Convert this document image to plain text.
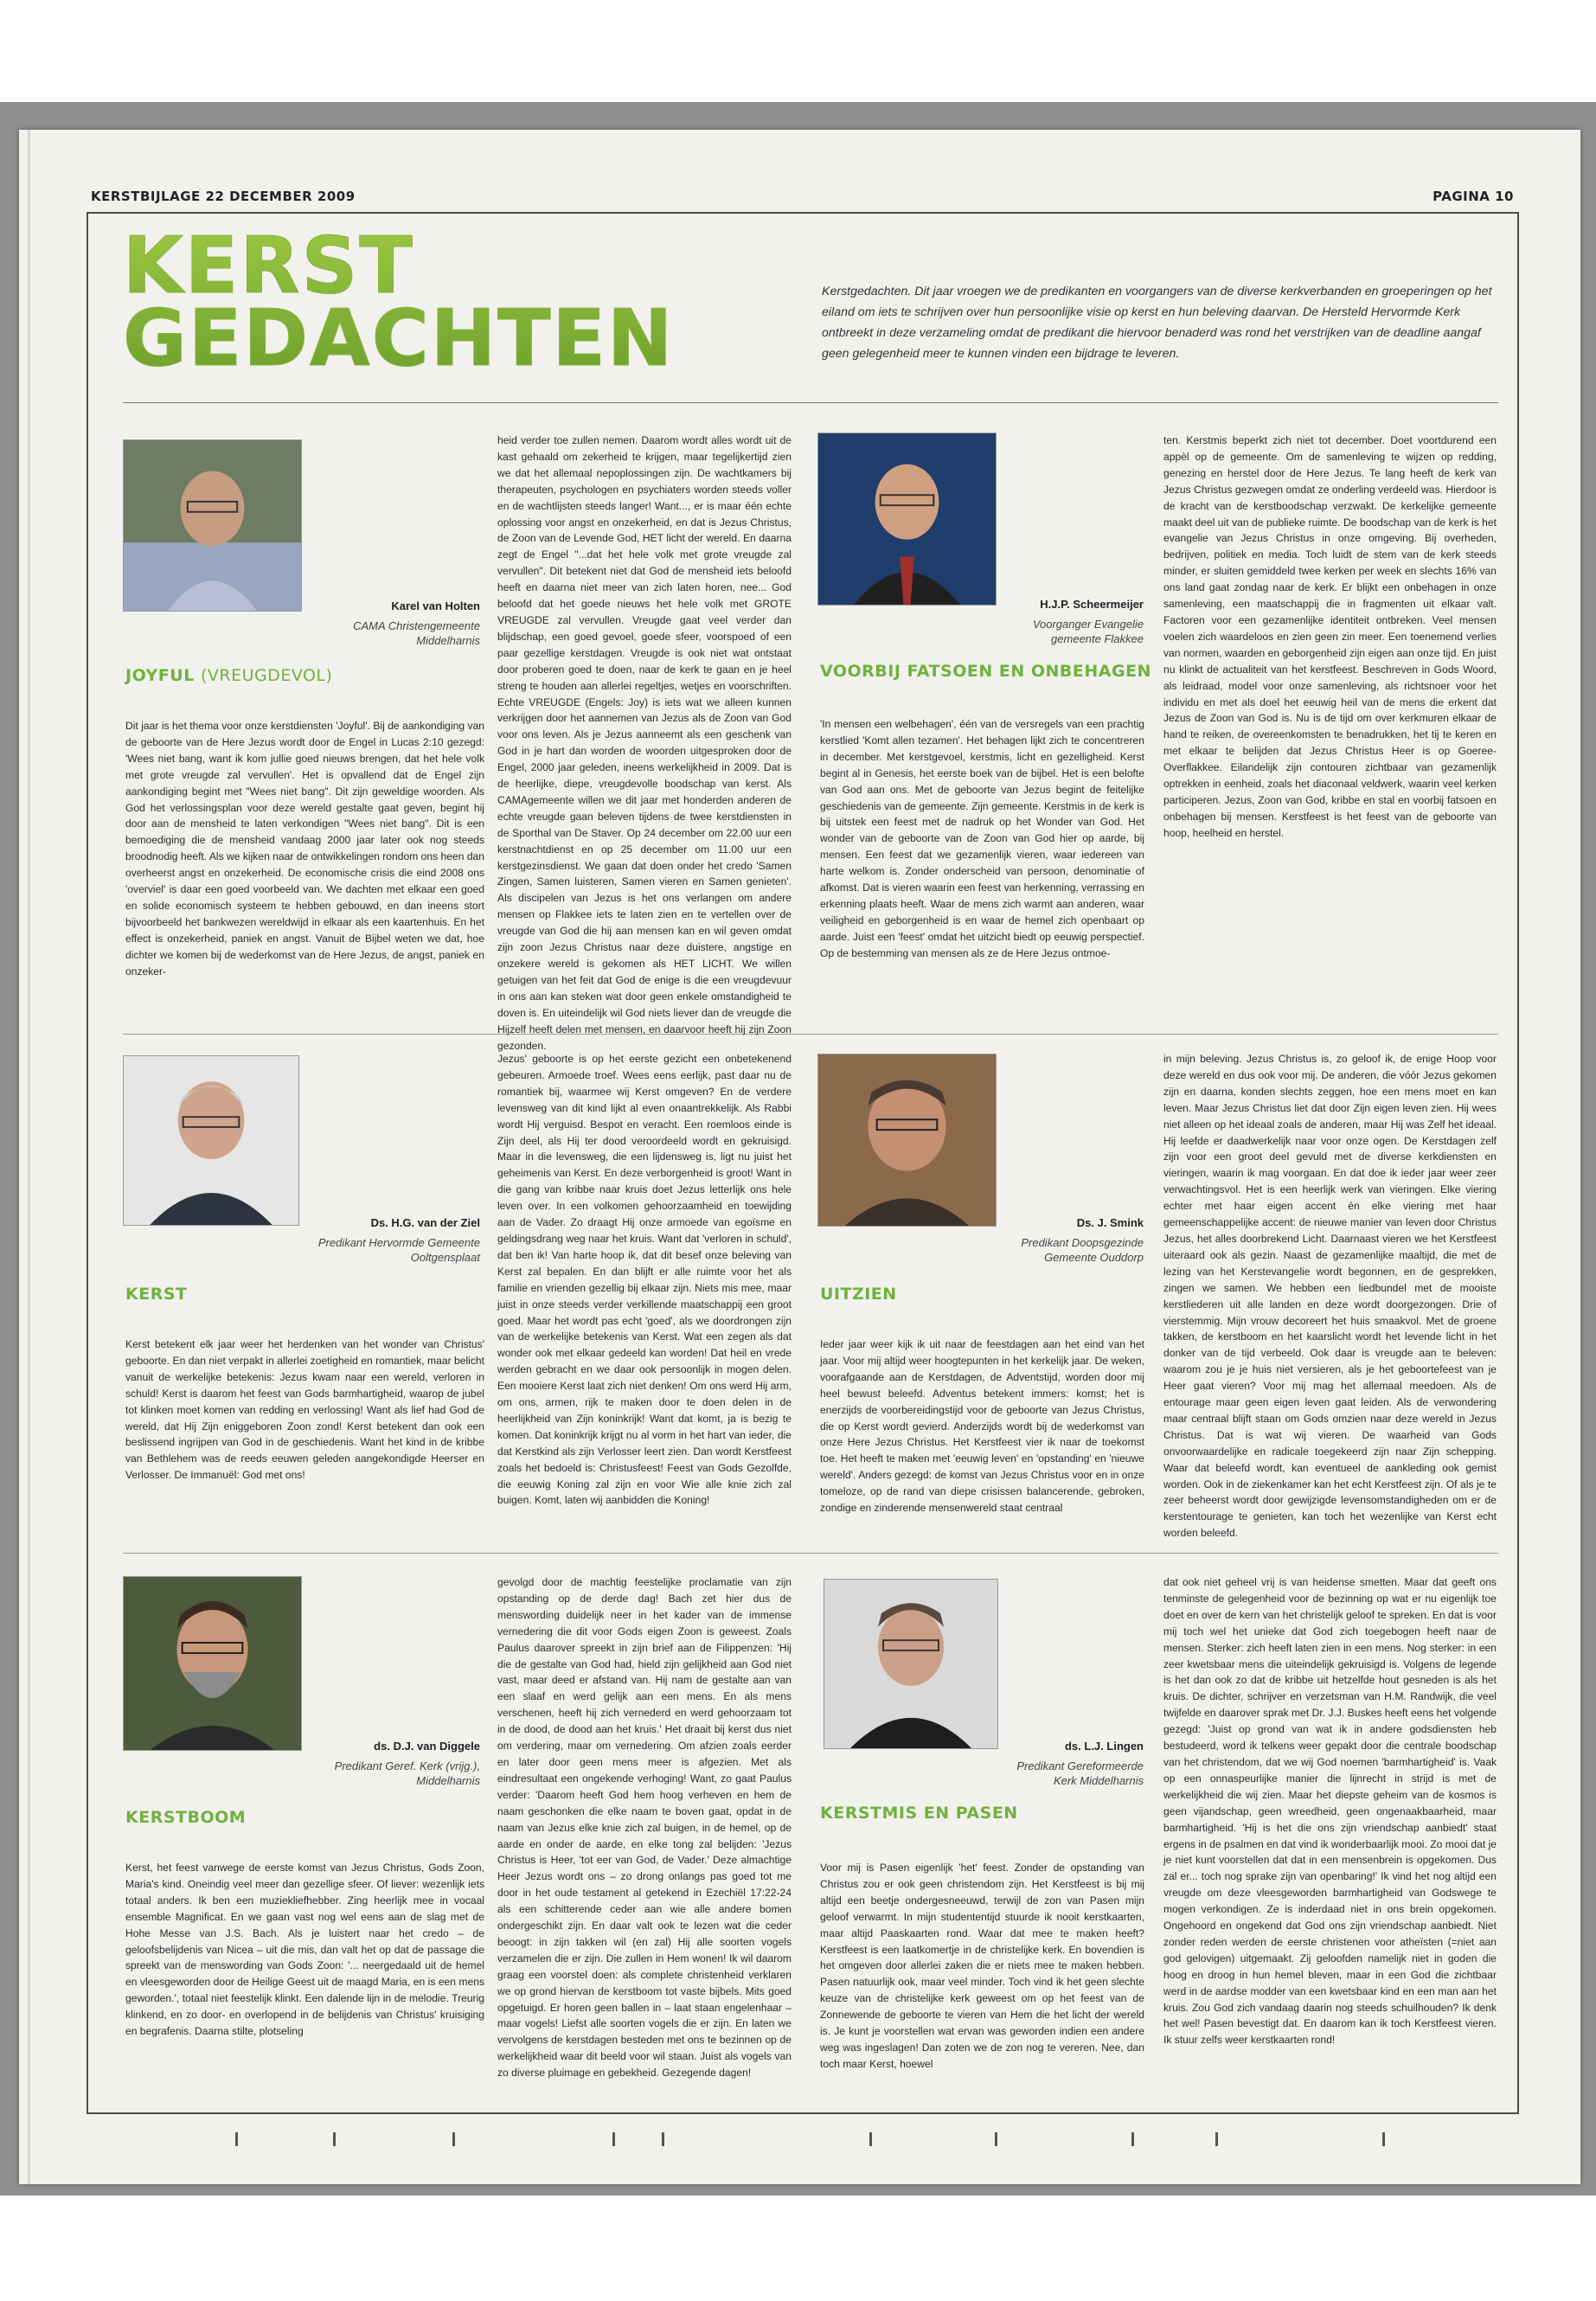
KERSTBIJLAGE 22 DECEMBER 2009	PAGINA 10
KERST
GEDACHTEN
Kerstgedachten. Dit jaar vroegen we de predikanten en voorgangers van de diverse kerkverbanden en groeperingen op het eiland om iets te schrijven over hun persoonlijke visie op kerst en hun beleving daarvan. De Hersteld Hervormde Kerk ontbreekt in deze verzameling omdat de predikant die hiervoor benaderd was rond het verstrijken van de deadline aangaf geen gelegenheid meer te kunnen vinden een bijdrage te leveren.
Karel van Holten
CAMA Christengemeente Middelharnis
JOYFUL (VREUGDEVOL)
Dit jaar is het thema voor onze kerstdiensten 'Joyful'. Bij de aankondiging van de geboorte van de Here Jezus wordt door de Engel in Lucas 2:10 gezegd: 'Wees niet bang, want ik kom jullie goed nieuws brengen, dat het hele volk met grote vreugde zal vervullen'. Het is opvallend dat de Engel zijn aankondiging begint met "Wees niet bang". Dit zijn geweldige woorden. Als God het verlossingsplan voor deze wereld gestalte gaat geven, begint hij door aan de mensheid te laten verkondigen "Wees niet bang". Dit is een bemoediging die de mensheid vandaag 2000 jaar later ook nog steeds broodnodig heeft. Als we kijken naar de ontwikkelingen rondom ons heen dan overheerst angst en onzekerheid. De economische crisis die eind 2008 ons 'overviel' is daar een goed voorbeeld van. We dachten met elkaar een goed en solide economisch systeem te hebben gebouwd, en dan ineens stort bijvoorbeeld het bankwezen wereldwijd in elkaar als een kaartenhuis. En het effect is onzekerheid, paniek en angst. Vanuit de Bijbel weten we dat, hoe dichter we komen bij de wederkomst van de Here Jezus, de angst, paniek en onzeker-
heid verder toe zullen nemen. Daarom wordt alles wordt uit de kast gehaald om zekerheid te krijgen, maar tegelijkertijd zien we dat het allemaal nepoplossingen zijn. De wachtkamers bij therapeuten, psychologen en psychiaters worden steeds voller en de wachtlijsten steeds langer! Want..., er is maar één echte oplossing voor angst en onzekerheid, en dat is Jezus Christus, de Zoon van de Levende God, HET licht der wereld. En daarna zegt de Engel "...dat het hele volk met grote vreugde zal vervullen". Dit betekent niet dat God de mensheid iets beloofd heeft en daarna niet meer van zich laten horen, nee... God beloofd dat het goede nieuws het hele volk met GROTE VREUGDE zal vervullen. Vreugde gaat veel verder dan blijdschap, een goed gevoel, goede sfeer, voorspoed of een paar gezellige kerstdagen. Vreugde is ook niet wat ontstaat door proberen goed te doen, naar de kerk te gaan en je heel streng te houden aan allerlei regeltjes, wetjes en voorschriften. Echte VREUGDE (Engels: Joy) is iets wat we alleen kunnen verkrijgen door het aannemen van Jezus als de Zoon van God voor ons leven. Als je Jezus aanneemt als een geschenk van God in je hart dan worden de woorden uitgesproken door de Engel, 2000 jaar geleden, ineens werkelijkheid in 2009. Dat is de heerlijke, diepe, vreugdevolle boodschap van kerst. Als CAMAgemeente willen we dit jaar met honderden anderen de echte vreugde gaan beleven tijdens de twee kerstdiensten in de Sporthal van De Staver. Op 24 december om 22.00 uur een kerstnachtdienst en op 25 december om 11.00 uur een kerstgezinsdienst. We gaan dat doen onder het credo 'Samen Zingen, Samen luisteren, Samen vieren en Samen genieten'. Als discipelen van Jezus is het ons verlangen om andere mensen op Flakkee iets te laten zien en te vertellen over de vreugde van God die hij aan mensen kan en wil geven omdat zijn zoon Jezus Christus naar deze duistere, angstige en onzekere wereld is gekomen als HET LICHT. We willen getuigen van het feit dat God de enige is die een vreugdevuur in ons aan kan steken wat door geen enkele omstandigheid te doven is. En uiteindelijk wil God niets liever dan de vreugde die Hijzelf heeft delen met mensen, en daarvoor heeft hij zijn Zoon gezonden.
H.J.P. Scheermeijer
Voorganger Evangelie gemeente Flakkee
VOORBIJ FATSOEN EN ONBEHAGEN
'In mensen een welbehagen', één van de versregels van een prachtig kerstlied 'Komt allen tezamen'. Het behagen lijkt zich te concentreren in december. Met kerstgevoel, kerstmis, licht en gezelligheid. Kerst begint al in Genesis, het eerste boek van de bijbel. Het is een belofte van God aan ons. Met de geboorte van Jezus begint de feitelijke geschiedenis van de gemeente. Zijn gemeente. Kerstmis in de kerk is bij uitstek een feest met de nadruk op het Wonder van God. Het wonder van de geboorte van de Zoon van God hier op aarde, bij mensen. Een feest dat we gezamenlijk vieren, waar iedereen van harte welkom is. Zonder onderscheid van persoon, denominatie of afkomst. Dat is vieren waarin een feest van herkenning, verrassing en erkenning plaats heeft. Waar de mens zich warmt aan anderen, waar veiligheid en geborgenheid is en waar de hemel zich openbaart op aarde. Juist een 'feest' omdat het uitzicht biedt op eeuwig perspectief. Op de bestemming van mensen als ze de Here Jezus ontmoe-
ten. Kerstmis beperkt zich niet tot december. Doet voortdurend een appèl op de gemeente. Om de samenleving te wijzen op redding, genezing en herstel door de Here Jezus. Te lang heeft de kerk van Jezus Christus gezwegen omdat ze onderling verdeeld was. Hierdoor is de kracht van de kerstboodschap verzwakt. De kerkelijke gemeente maakt deel uit van de publieke ruimte. De boodschap van de kerk is het evangelie van Jezus Christus in onze omgeving. Bij overheden, bedrijven, politiek en media. Toch luidt de stem van de kerk steeds minder, er sluiten gemiddeld twee kerken per week en slechts 16% van ons land gaat zondag naar de kerk. Er blijkt een onbehagen in onze samenleving, een maatschappij die in fragmenten uit elkaar valt. Factoren voor een gezamenlijke identiteit ontbreken. Veel mensen voelen zich waardeloos en zien geen zin meer. Een toenemend verlies van normen, waarden en geborgenheid zijn eigen aan onze tijd. En juist nu klinkt de actualiteit van het kerstfeest. Beschreven in Gods Woord, als leidraad, model voor onze samenleving, als richtsnoer voor het individu en met als doel het eeuwig heil van de mens die erkent dat Jezus de Zoon van God is. Nu is de tijd om over kerkmuren elkaar de hand te reiken, de overeenkomsten te benadrukken, het tij te keren en met elkaar te belijden dat Jezus Christus Heer is op Goeree-Overflakkee. Eilandelijk zijn contouren zichtbaar van gezamenlijk optrekken in eenheid, zoals het diaconaal veldwerk, waarin veel kerken participeren. Jezus, Zoon van God, kribbe en stal en voorbij fatsoen en onbehagen bij mensen. Kerstfeest is het feest van de geboorte van hoop, heelheid en herstel.
Ds. H.G. van der Ziel
Predikant Hervormde Gemeente Ooltgensplaat
KERST
Kerst betekent elk jaar weer het herdenken van het wonder van Christus' geboorte. En dan niet verpakt in allerlei zoetigheid en romantiek, maar belicht vanuit de werkelijke betekenis: Jezus kwam naar een wereld, verloren in schuld! Kerst is daarom het feest van Gods barmhartigheid, waarop de jubel tot klinken moet komen van redding en verlossing! Want als lief had God de wereld, dat Hij Zijn eniggeboren Zoon zond! Kerst betekent dan ook een beslissend ingrijpen van God in de geschiedenis. Want het kind in de kribbe van Bethlehem was de reeds eeuwen geleden aangekondigde Heerser en Verlosser. De Immanuël: God met ons!
Jezus' geboorte is op het eerste gezicht een onbetekenend gebeuren. Armoede troef. Wees eens eerlijk, past daar nu de romantiek bij, waarmee wij Kerst omgeven? En de verdere levensweg van dit kind lijkt al even onaantrekkelijk. Als Rabbi wordt Hij verguisd. Bespot en veracht. Een roemloos einde is Zijn deel, als Hij ter dood veroordeeld wordt en gekruisigd. Maar in die levensweg, die een lijdensweg is, ligt nu juist het geheimenis van Kerst. En deze verborgenheid is groot! Want in die gang van kribbe naar kruis doet Jezus letterlijk ons hele leven over. In een volkomen gehoorzaamheid en toewijding aan de Vader. Zo draagt Hij onze armoede van egoïsme en geldingsdrang weg naar het kruis. Want dat 'verloren in schuld', dat ben ik! Van harte hoop ik, dat dit besef onze beleving van Kerst zal bepalen. En dan blijft er alle ruimte voor het als familie en vrienden gezellig bij elkaar zijn. Niets mis mee, maar juist in onze steeds verder verkillende maatschappij een groot goed. Maar het wordt pas echt 'goed', als we doordrongen zijn van de werkelijke betekenis van Kerst. Wat een zegen als dat wonder ook met elkaar gedeeld kan worden! Dat heil en vrede werden gebracht en we daar ook persoonlijk in mogen delen. Een mooiere Kerst laat zich niet denken! Om ons werd Hij arm, om ons, armen, rijk te maken door te doen delen in de heerlijkheid van Zijn koninkrijk! Want dat komt, ja is bezig te komen. Dat koninkrijk krijgt nu al vorm in het hart van ieder, die dat Kerstkind als zijn Verlosser leert zien. Dan wordt Kerstfeest zoals het bedoeld is: Christusfeest! Feest van Gods Gezolfde, die eeuwig Koning zal zijn en voor Wie alle knie zich zal buigen. Komt, laten wij aanbidden die Koning!
Ds. J. Smink
Predikant Doopsgezinde Gemeente Ouddorp
UITZIEN
Ieder jaar weer kijk ik uit naar de feestdagen aan het eind van het jaar. Voor mij altijd weer hoogtepunten in het kerkelijk jaar. De weken, voorafgaande aan de Kerstdagen, de Adventstijd, worden door mij heel bewust beleefd. Adventus betekent immers: komst; het is enerzijds de voorbereidingstijd voor de geboorte van Jezus Christus, die op Kerst wordt gevierd. Anderzijds wordt bij de wederkomst van onze Here Jezus Christus. Het Kerstfeest vier ik naar de toekomst toe. Het heeft te maken met 'eeuwig leven' en 'opstanding' en 'nieuwe wereld'. Anders gezegd: de komst van Jezus Christus voor en in onze tomeloze, op de rand van diepe crisissen balancerende, gebroken, zondige en zinderende mensenwereld staat centraal
in mijn beleving. Jezus Christus is, zo geloof ik, de enige Hoop voor deze wereld en dus ook voor mij. De anderen, die vóór Jezus gekomen zijn en daarna, konden slechts zeggen, hoe een mens moet en kan leven. Maar Jezus Christus liet dat door Zijn eigen leven zien. Hij wees niet alleen op het ideaal zoals de anderen, maar Hij was Zelf het ideaal. Hij leefde er daadwerkelijk naar voor onze ogen. De Kerstdagen zelf zijn voor een groot deel gevuld met de diverse kerkdiensten en vieringen, waarin ik mag voorgaan. En dat doe ik ieder jaar weer zeer verwachtingsvol. Het is een heerlijk werk van vieringen. Elke viering echter met haar eigen accent én elke viering met haar gemeenschappelijke accent: de nieuwe manier van leven door Christus Jezus, het alles doorbrekend Licht. Daarnaast vieren we het Kerstfeest uiteraard ook als gezin. Naast de gezamenlijke maaltijd, die met de lezing van het Kerstevangelie wordt begonnen, en de gesprekken, zingen we samen. We hebben een liedbundel met de mooiste kerstliederen uit alle landen en deze wordt doorgezongen. Drie of vierstemmig. Mijn vrouw decoreert het huis smaakvol. Met de groene takken, de kerstboom en het kaarslicht wordt het levende licht in het donker van de tijd verbeeld. Ook daar is vreugde aan te beleven: waarom zou je je huis niet versieren, als je het geboortefeest van je Heer gaat vieren? Voor mij mag het allemaal meedoen. Als de entourage maar geen eigen leven gaat leiden. Als de verwondering maar centraal blijft staan om Gods omzien naar deze wereld in Jezus Christus. Dat is wat wij vieren. De waarheid van Gods onvoorwaardelijke en radicale toegekeerd zijn naar Zijn schepping. Waar dat beleefd wordt, kan eventueel de aankleding ook gemist worden. Ook in de ziekenkamer kan het echt Kerstfeest zijn. Of als je te zeer beheerst wordt door gewijzigde levensomstandigheden om er de kerstentourage te genieten, kan toch het wezenlijke van Kerst echt worden beleefd.
ds. D.J. van Diggele
Predikant Geref. Kerk (vrijg.), Middelharnis
KERSTBOOM
Kerst, het feest vanwege de eerste komst van Jezus Christus, Gods Zoon, Maria's kind. Oneindig veel meer dan gezellige sfeer. Of liever: wezenlijk iets totaal anders. Ik ben een muziekliefhebber. Zing heerlijk mee in vocaal ensemble Magnificat. En we gaan vast nog wel eens aan de slag met de Hohe Messe van J.S. Bach. Als je luistert naar het credo – de geloofsbelijdenis van Nicea – uit die mis, dan valt het op dat de passage die spreekt van de menswording van Gods Zoon: '... neergedaald uit de hemel en vleesgeworden door de Heilige Geest uit de maagd Maria, en is een mens geworden.', totaal niet feestelijk klinkt. Een dalende lijn in de melodie. Treurig klinkend, en zo door- en overlopend in de belijdenis van Christus' kruisiging en begrafenis. Daarna stilte, plotseling
gevolgd door de machtig feestelijke proclamatie van zijn opstanding op de derde dag! Bach zet hier dus de menswording duidelijk neer in het kader van de immense vernedering die dit voor Gods eigen Zoon is geweest. Zoals Paulus daarover spreekt in zijn brief aan de Filippenzen: 'Hij die de gestalte van God had, hield zijn gelijkheid aan God niet vast, maar deed er afstand van. Hij nam de gestalte aan van een slaaf en werd gelijk aan een mens. En als mens verschenen, heeft hij zich vernederd en werd gehoorzaam tot in de dood, de dood aan het kruis.' Het draait bij kerst dus niet om verdering, maar om vernedering. Om afzien zoals eerder en later door geen mens meer is afgezien. Met als eindresultaat een ongekende verhoging! Want, zo gaat Paulus verder: 'Daarom heeft God hem hoog verheven en hem de naam geschonken die elke naam te boven gaat, opdat in de naam van Jezus elke knie zich zal buigen, in de hemel, op de aarde en onder de aarde, en elke tong zal belijden: 'Jezus Christus is Heer, 'tot eer van God, de Vader.' Deze almachtige Heer Jezus wordt ons – zo drong onlangs pas goed tot me door in het oude testament al getekend in Ezechiël 17:22-24 als een schitterende ceder aan wie alle andere bomen ondergeschikt zijn. En daar valt ook te lezen wat die ceder beoogt: in zijn takken wil (en zal) Hij alle soorten vogels verzamelen die er zijn. Die zullen in Hem wonen! Ik wil daarom graag een voorstel doen: als complete christenheid verklaren we op grond hiervan de kerstboom tot vaste bijbels. Mits goed opgetuigd. Er horen geen ballen in – laat staan engelenhaar – maar vogels! Liefst alle soorten vogels die er zijn. En laten we vervolgens de kerstdagen besteden met ons te bezinnen op de werkelijkheid waar dit beeld voor wil staan. Juist als vogels van zo diverse pluimage en gebekheid. Gezegende dagen!
ds. L.J. Lingen
Predikant Gereformeerde Kerk Middelharnis
KERSTMIS EN PASEN
Voor mij is Pasen eigenlijk 'het' feest. Zonder de opstanding van Christus zou er ook geen christendom zijn. Het Kerstfeest is bij mij altijd een beetje ondergesneeuwd, terwijl de zon van Pasen mijn geloof verwarmt. In mijn studententijd stuurde ik nooit kerstkaarten, maar altijd Paaskaarten rond. Waar dat mee te maken heeft? Kerstfeest is een laatkomertje in de christelijke kerk. En bovendien is het omgeven door allerlei zaken die er niets mee te maken hebben. Pasen natuurlijk ook, maar veel minder. Toch vind ik het geen slechte keuze van de christelijke kerk geweest om op het feest van de Zonnewende de geboorte te vieren van Hem die het licht der wereld is. Je kunt je voorstellen wat ervan was geworden indien een andere weg was ingeslagen! Dan zoten we de zon nog te vereren. Nee, dan toch maar Kerst, hoewel
dat ook niet geheel vrij is van heidense smetten. Maar dat geeft ons tenminste de gelegenheid voor de bezinning op wat er nu eigenlijk toe doet en over de kern van het christelijk geloof te spreken. En dat is voor mij toch wel het unieke dat God zich toegebogen heeft naar de mensen. Sterker: zich heeft laten zien in een mens. Nog sterker: in een zeer kwetsbaar mens die uiteindelijk gekruisigd is. Volgens de legende is het dan ook zo dat de kribbe uit hetzelfde hout gesneden is als het kruis. De dichter, schrijver en verzetsman van H.M. Randwijk, die veel twijfelde en daarover sprak met Dr. J.J. Buskes heeft eens het volgende gezegd: 'Juist op grond van wat ik in andere godsdiensten heb bestudeerd, word ik telkens weer gepakt door die centrale boodschap van het christendom, dat we wij God noemen 'barmhartigheid' is. Vaak op een onnaspeurlijke manier die lijnrecht in strijd is met de werkelijkheid die wij zien. Maar het diepste geheim van de kosmos is geen vijandschap, geen wreedheid, geen ongenaakbaarheid, maar barmhartigheid. 'Hij is het die ons zijn vriendschap aanbiedt' staat ergens in de psalmen en dat vind ik wonderbaarlijk mooi. Zo mooi dat je je niet kunt voorstellen dat dat in een mensenbrein is opgekomen. Dus zal er... toch nog sprake zijn van openbaring!' Ik vind het nog altijd een vreugde om deze vleesgeworden barmhartigheid van Godswege te mogen verkondigen. Ze is inderdaad niet in ons brein opgekomen. Ongehoord en ongekend dat God ons zijn vriendschap aanbiedt. Niet zonder reden werden de eerste christenen voor atheïsten (=niet aan god gelovigen) uitgemaakt. Zij geloofden namelijk niet in goden die hoog en droog in hun hemel bleven, maar in een God die zichtbaar werd in de aardse modder van een kwetsbaar kind en een man aan het kruis. Zou God zich vandaag daarin nog steeds schuilhouden? Ik denk het wel! Pasen bevestigt dat. En daarom kan ik toch Kerstfeest vieren. Ik stuur zelfs weer kerstkaarten rond!
